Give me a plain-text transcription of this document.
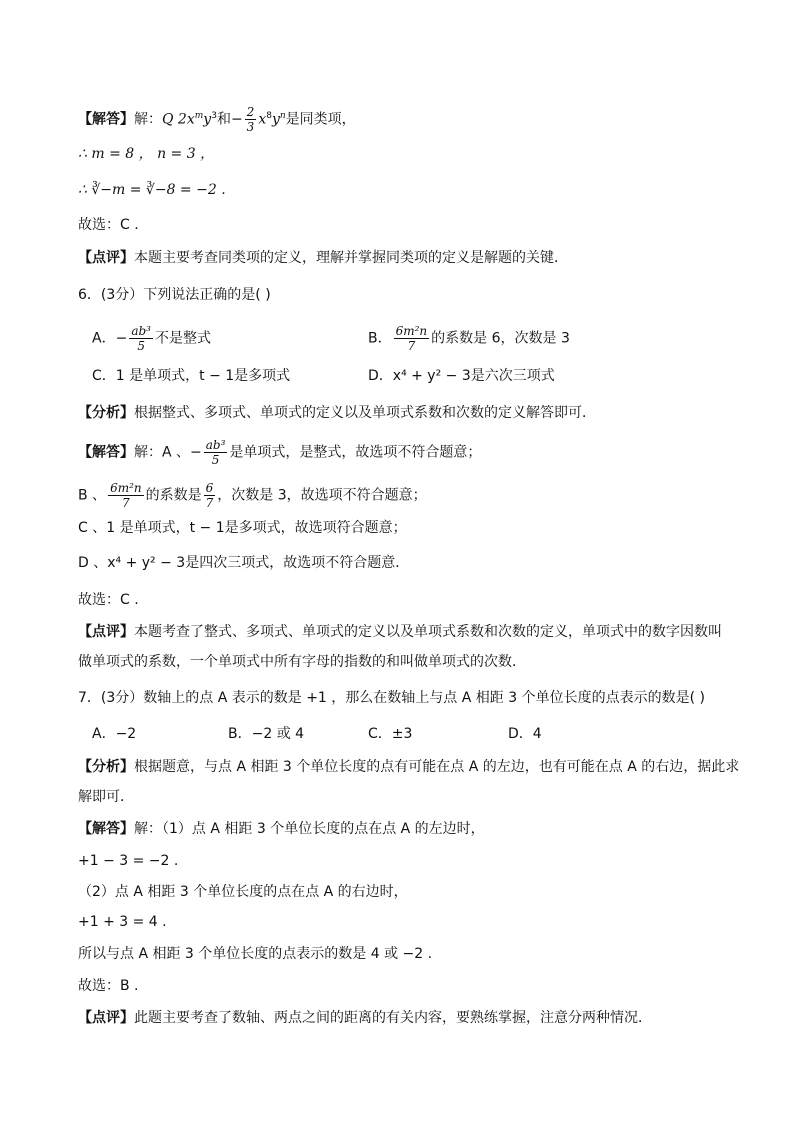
【解答】解：Q $2x^my^3$和− $\frac{2}{3} x^8y^n$是同类项，
∴ m = 8 ， n = 3 ，
∴ ∛−m = ∛−8 = −2 .
故选：C .
【点评】本题主要考查同类项的定义，理解并掌握同类项的定义是解题的关键．
6．(3分）下列说法正确的是( )
A．− $\frac{\text{ab³}}{5}$ 不是整式	B． $\frac{\text{6m²n}}{7}$ 的系数是 6，次数是 3
C．1 是单项式，t − 1是多项式	D．x⁴ + y² − 3是六次三项式
【分析】根据整式、多项式、单项式的定义以及单项式系数和次数的定义解答即可．
【解答】解：A 、− $\frac{\text{ab³}}{5}$ 是单项式，是整式，故选项不符合题意；
B 、 $\frac{\text{6m²n}}{7}$ 的系数是 $\frac{6}{7}$ ，次数是 3，故选项不符合题意；
C 、1 是单项式，t − 1是多项式，故选项符合题意；
D 、x⁴ + y² − 3是四次三项式，故选项不符合题意．
故选：C .
【点评】本题考查了整式、多项式、单项式的定义以及单项式系数和次数的定义，单项式中的数字因数叫
做单项式的系数，一个单项式中所有字母的指数的和叫做单项式的次数．
7．(3分）数轴上的点 A 表示的数是 +1 ，那么在数轴上与点 A 相距 3 个单位长度的点表示的数是( )
A．−2	B．−2 或 4	C．±3	D．4
【分析】根据题意，与点 A 相距 3 个单位长度的点有可能在点 A 的左边，也有可能在点 A 的右边，据此求
解即可．
【解答】解：（1）点 A 相距 3 个单位长度的点在点 A 的左边时，
+1 − 3 = −2 .
（2）点 A 相距 3 个单位长度的点在点 A 的右边时，
+1 + 3 = 4 .
所以与点 A 相距 3 个单位长度的点表示的数是 4 或 −2 .
故选：B .
【点评】此题主要考查了数轴、两点之间的距离的有关内容，要熟练掌握，注意分两种情况．
